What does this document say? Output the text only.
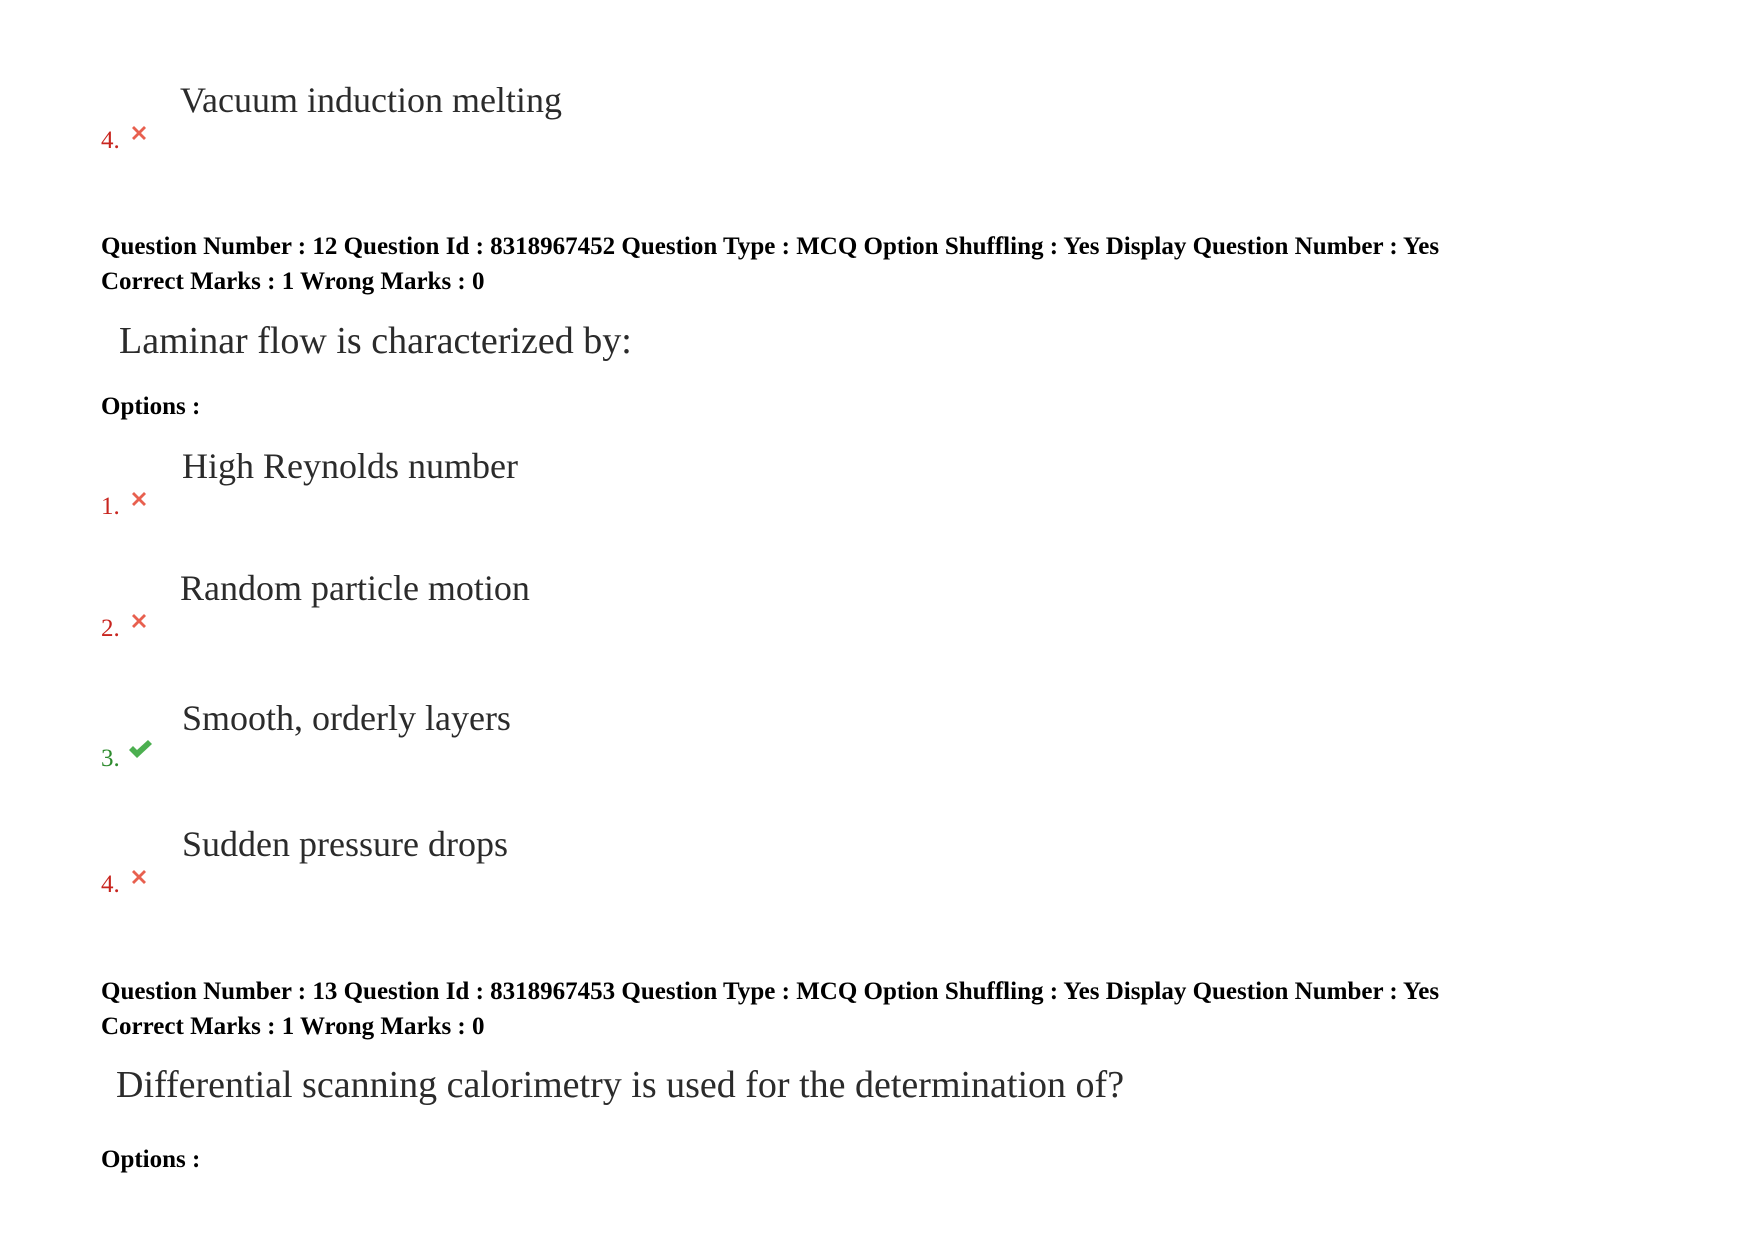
Vacuum induction melting
4.
Question Number : 12 Question Id : 8318967452 Question Type : MCQ Option Shuffling : Yes Display Question Number : Yes
Correct Marks : 1 Wrong Marks : 0
Laminar flow is characterized by:
Options :
High Reynolds number
1.
Random particle motion
2.
Smooth, orderly layers
3.
Sudden pressure drops
4.
Question Number : 13 Question Id : 8318967453 Question Type : MCQ Option Shuffling : Yes Display Question Number : Yes
Correct Marks : 1 Wrong Marks : 0
Differential scanning calorimetry is used for the determination of?
Options :
